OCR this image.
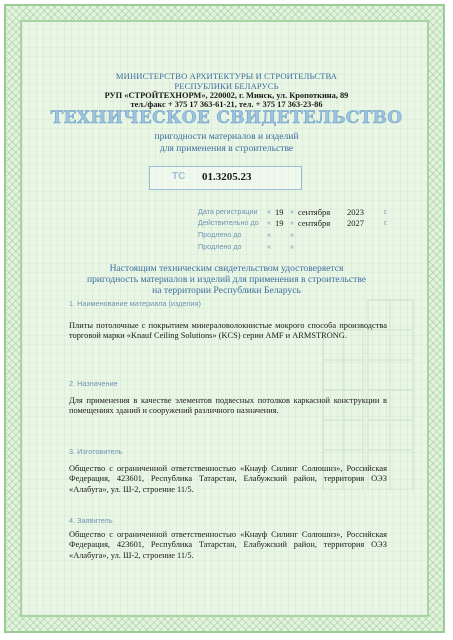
МИНИСТЕРСТВО АРХИТЕКТУРЫ И СТРОИТЕЛЬСТВА

РЕСПУБЛИКИ БЕЛАРУСЬ

РУП «СТРОЙТЕХНОРМ», 220002, г. Минск, ул. Кропоткина, 89

тел./факс + 375 17 363-61-21, тел. + 375 17 363-23-86

ТЕХНИЧЕСКОЕ СВИДЕТЕЛЬСТВО

пригодности материалов и изделий

для применения в строительстве

ТС 01.3205.23
Дата регистрации « 19 » сентября 2023	г.
Действительно до « 19 » сентября 2027	г.
Продлено до	«	»
Продлено до	«	»

Настоящим техническим свидетельством удостоверяется

пригодность материалов и изделий для применения в строительстве

на территории Республики Беларусь

1. Наименование материала (изделия)

Плиты потолочные с покрытием минераловолокнистые мокрого способа производства торговой марки «Knauf Ceiling Solutions» (KCS) серии AMF и ARMSTRONG.

2. Назначение

Для применения в качестве элементов подвесных потолков каркасной конструкции в помещениях зданий и сооружений различного назначения.

3. Изготовитель

Общество с ограниченной ответственностью «Кнауф Силинг Солюшнз», Российская Федерация, 423601, Республика Татарстан, Елабужский район, территория ОЭЗ «Алабуга», ул. Ш-2, строение 11/5.

4. Заявитель

Общество с ограниченной ответственностью «Кнауф Силинг Солюшнз», Российская Федерация, 423601, Республика Татарстан, Елабужский район, территория ОЭЗ «Алабуга», ул. Ш-2, строение 11/5.
